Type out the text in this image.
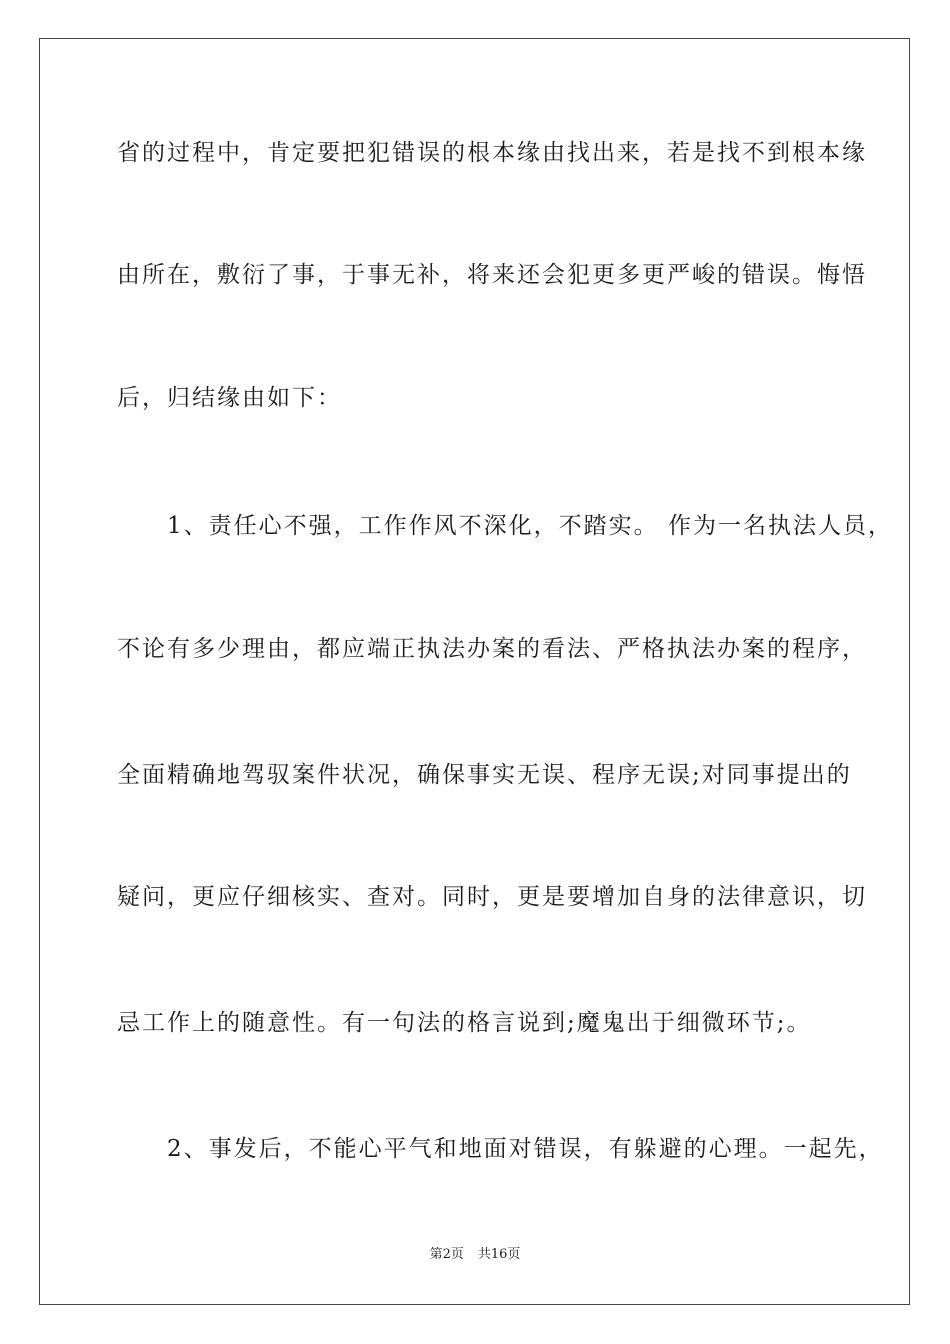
省的过程中，肯定要把犯错误的根本缘由找出来，若是找不到根本缘
由所在，敷衍了事，于事无补，将来还会犯更多更严峻的错误。悔悟
后，归结缘由如下：
　　1、责任心不强，工作作风不深化，不踏实。 作为一名执法人员，
不论有多少理由，都应端正执法办案的看法、严格执法办案的程序，
全面精确地驾驭案件状况，确保事实无误、程序无误;对同事提出的
疑问，更应仔细核实、查对。同时，更是要增加自身的法律意识，切
忌工作上的随意性。有一句法的格言说到;魔鬼出于细微环节;。
　　2、事发后，不能心平气和地面对错误，有躲避的心理。一起先，
第2页 共16页
